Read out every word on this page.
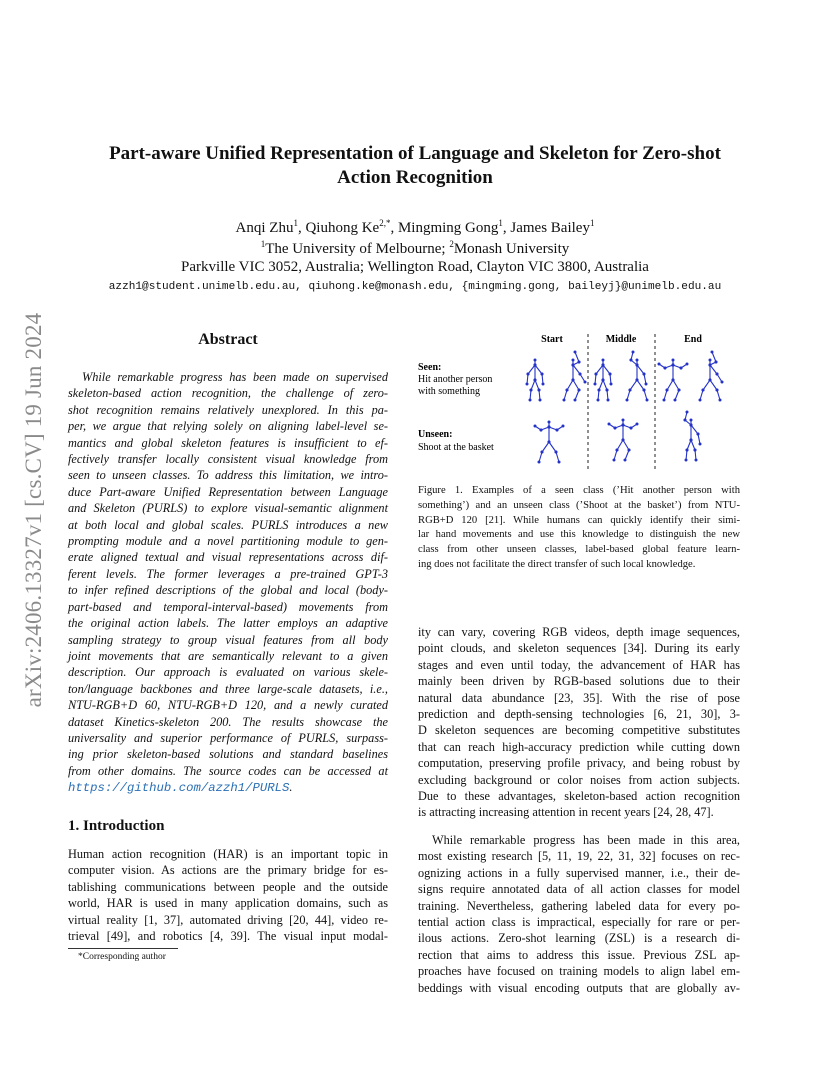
arXiv:2406.13327v1 [cs.CV] 19 Jun 2024
Part-aware Unified Representation of Language and Skeleton for Zero-shot
Action Recognition
Anqi Zhu$^1$, Qiuhong $Ke^{2,*}$, Mingming Gong$^1$, James Bailey$^1$
$^1$The University of Melbourne; $^2$Monash University
Parkville VIC 3052, Australia; Wellington Road, Clayton VIC 3800, Australia
azzh1@student.unimelb.edu.au, qiuhong.ke@monash.edu, {mingming.gong, baileyj}@unimelb.edu.au
Abstract
While remarkable progress has been made on supervised
skeleton-based action recognition, the challenge of zero-
shot recognition remains relatively unexplored. In this pa-
per, we argue that relying solely on aligning label-level se-
mantics and global skeleton features is insufficient to ef-
fectively transfer locally consistent visual knowledge from
seen to unseen classes. To address this limitation, we intro-
duce Part-aware Unified Representation between Language
and Skeleton (PURLS) to explore visual-semantic alignment
at both local and global scales. PURLS introduces a new
prompting module and a novel partitioning module to gen-
erate aligned textual and visual representations across dif-
ferent levels. The former leverages a pre-trained GPT-3
to infer refined descriptions of the global and local (body-
part-based and temporal-interval-based) movements from
the original action labels. The latter employs an adaptive
sampling strategy to group visual features from all body
joint movements that are semantically relevant to a given
description. Our approach is evaluated on various skele-
ton/language backbones and three large-scale datasets, i.e.,
NTU-RGB+D 60, NTU-RGB+D 120, and a newly curated
dataset Kinetics-skeleton 200. The results showcase the
universality and superior performance of PURLS, surpass-
ing prior skeleton-based solutions and standard baselines
from other domains. The source codes can be accessed at
https://github.com/azzh1/PURLS.
1. Introduction
Human action recognition (HAR) is an important topic in
computer vision. As actions are the primary bridge for es-
tablishing communications between people and the outside
world, HAR is used in many application domains, such as
virtual reality [1, 37], automated driving [20, 44], video re-
trieval [49], and robotics [4, 39]. The visual input modal-
*Corresponding author
Start	Middle	End
Seen:
Hit another person
with something
Unseen:
Shoot at the basket
Figure 1. Examples of a seen class (’Hit another person with
something’) and an unseen class (’Shoot at the basket’) from NTU-
RGB+D 120 [21]. While humans can quickly identify their simi-
lar hand movements and use this knowledge to distinguish the new
class from other unseen classes, label-based global feature learn-
ing does not facilitate the direct transfer of such local knowledge.
ity can vary, covering RGB videos, depth image sequences,
point clouds, and skeleton sequences [34]. During its early
stages and even until today, the advancement of HAR has
mainly been driven by RGB-based solutions due to their
natural data abundance [23, 35]. With the rise of pose
prediction and depth-sensing technologies [6, 21, 30], 3-
D skeleton sequences are becoming competitive substitutes
that can reach high-accuracy prediction while cutting down
computation, preserving profile privacy, and being robust by
excluding background or color noises from action subjects.
Due to these advantages, skeleton-based action recognition
is attracting increasing attention in recent years [24, 28, 47].
While remarkable progress has been made in this area,
most existing research [5, 11, 19, 22, 31, 32] focuses on rec-
ognizing actions in a fully supervised manner, i.e., their de-
signs require annotated data of all action classes for model
training. Nevertheless, gathering labeled data for every po-
tential action class is impractical, especially for rare or per-
ilous actions. Zero-shot learning (ZSL) is a research di-
rection that aims to address this issue. Previous ZSL ap-
proaches have focused on training models to align label em-
beddings with visual encoding outputs that are globally av-
